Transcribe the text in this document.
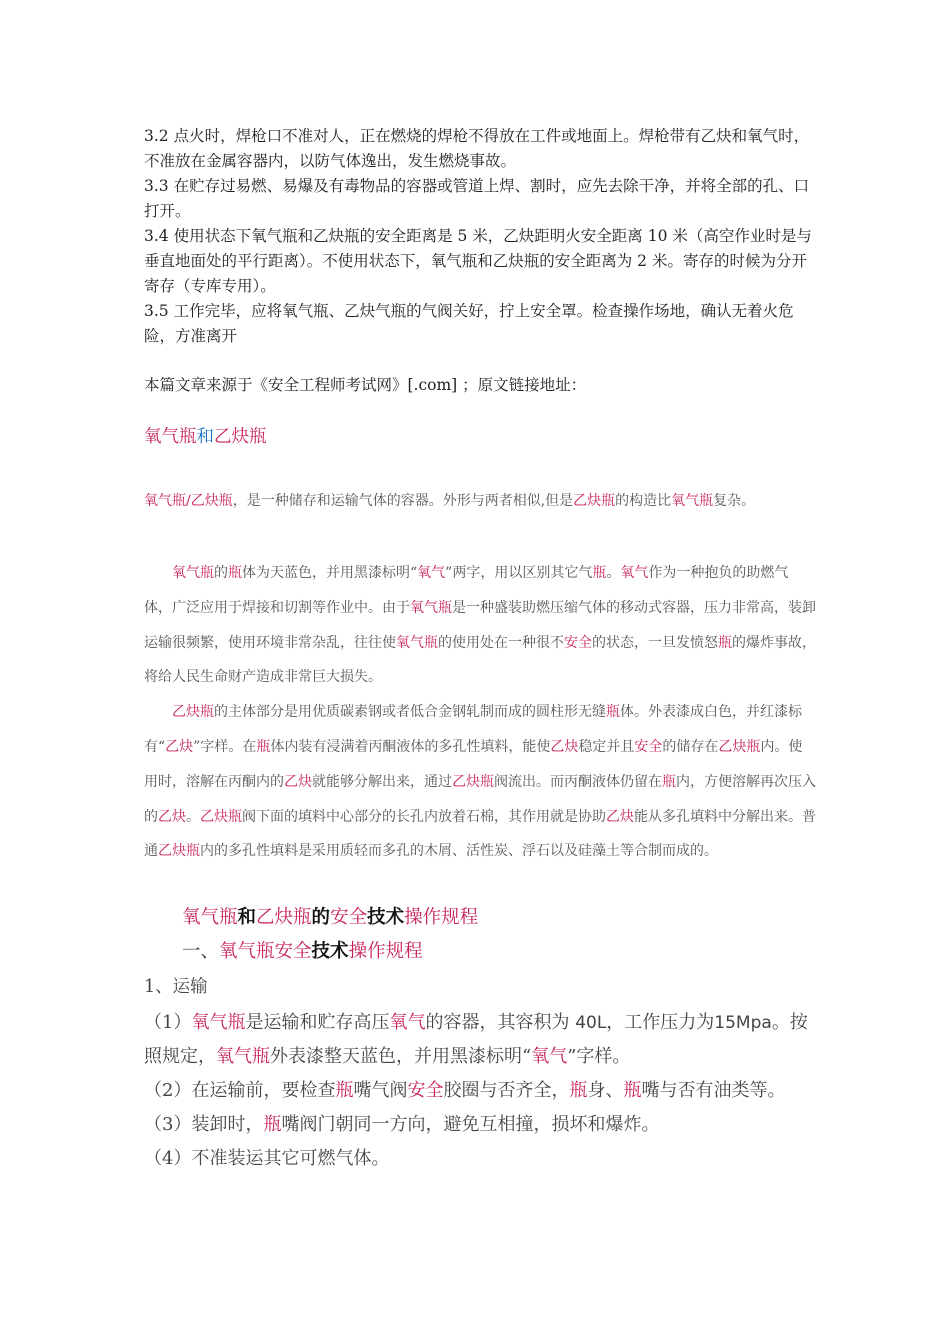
3.2 点火时，焊枪口不准对人，正在燃烧的焊枪不得放在工件或地面上。焊枪带有乙炔和氧气时，不准放在金属容器内，以防气体逸出，发生燃烧事故。

3.3 在贮存过易燃、易爆及有毒物品的容器或管道上焊、割时，应先去除干净，并将全部的孔、口打开。

3.4 使用状态下氧气瓶和乙炔瓶的安全距离是 5 米，乙炔距明火安全距离 10 米（高空作业时是与垂直地面处的平行距离）。不使用状态下，氧气瓶和乙炔瓶的安全距离为 2 米。寄存的时候为分开寄存（专库专用）。

3.5 工作完毕，应将氧气瓶、乙炔气瓶的气阀关好，拧上安全罩。检查操作场地，确认无着火危险，方准离开

本篇文章来源于《安全工程师考试网》[.com] ；原文链接地址：

氧气瓶和乙炔瓶

氧气瓶/乙炔瓶，是一种储存和运输气体的容器。外形与两者相似,但是乙炔瓶的构造比氧气瓶复杂。

氧气瓶的瓶体为天蓝色，并用黑漆标明“氧气”两字，用以区别其它气瓶。氧气作为一种抱负的助燃气体，广泛应用于焊接和切割等作业中。由于氧气瓶是一种盛装助燃压缩气体的移动式容器，压力非常高，装卸运输很频繁，使用环境非常杂乱，往往使氧气瓶的使用处在一种很不安全的状态，一旦发愤怒瓶的爆炸事故，将给人民生命财产造成非常巨大损失。

乙炔瓶的主体部分是用优质碳素钢或者低合金钢轧制而成的圆柱形无缝瓶体。外表漆成白色，并红漆标有“乙炔”字样。在瓶体内装有浸满着丙酮液体的多孔性填料，能使乙炔稳定并且安全的储存在乙炔瓶内。使用时，溶解在丙酮内的乙炔就能够分解出来，通过乙炔瓶阀流出。而丙酮液体仍留在瓶内，方便溶解再次压入的乙炔。乙炔瓶阀下面的填料中心部分的长孔内放着石棉，其作用就是协助乙炔能从多孔填料中分解出来。普通乙炔瓶内的多孔性填料是采用质轻而多孔的木屑、活性炭、浮石以及硅藻土等合制而成的。

氧气瓶和乙炔瓶的安全技术操作规程

一、氧气瓶安全技术操作规程

1、运输

（1）氧气瓶是运输和贮存高压氧气的容器，其容积为 40L，工作压力为15Mpa。按照规定，氧气瓶外表漆整天蓝色，并用黑漆标明“氧气”字样。

（2）在运输前，要检查瓶嘴气阀安全胶圈与否齐全，瓶身、瓶嘴与否有油类等。

（3）装卸时，瓶嘴阀门朝同一方向，避免互相撞，损坏和爆炸。

（4）不准装运其它可燃气体。
